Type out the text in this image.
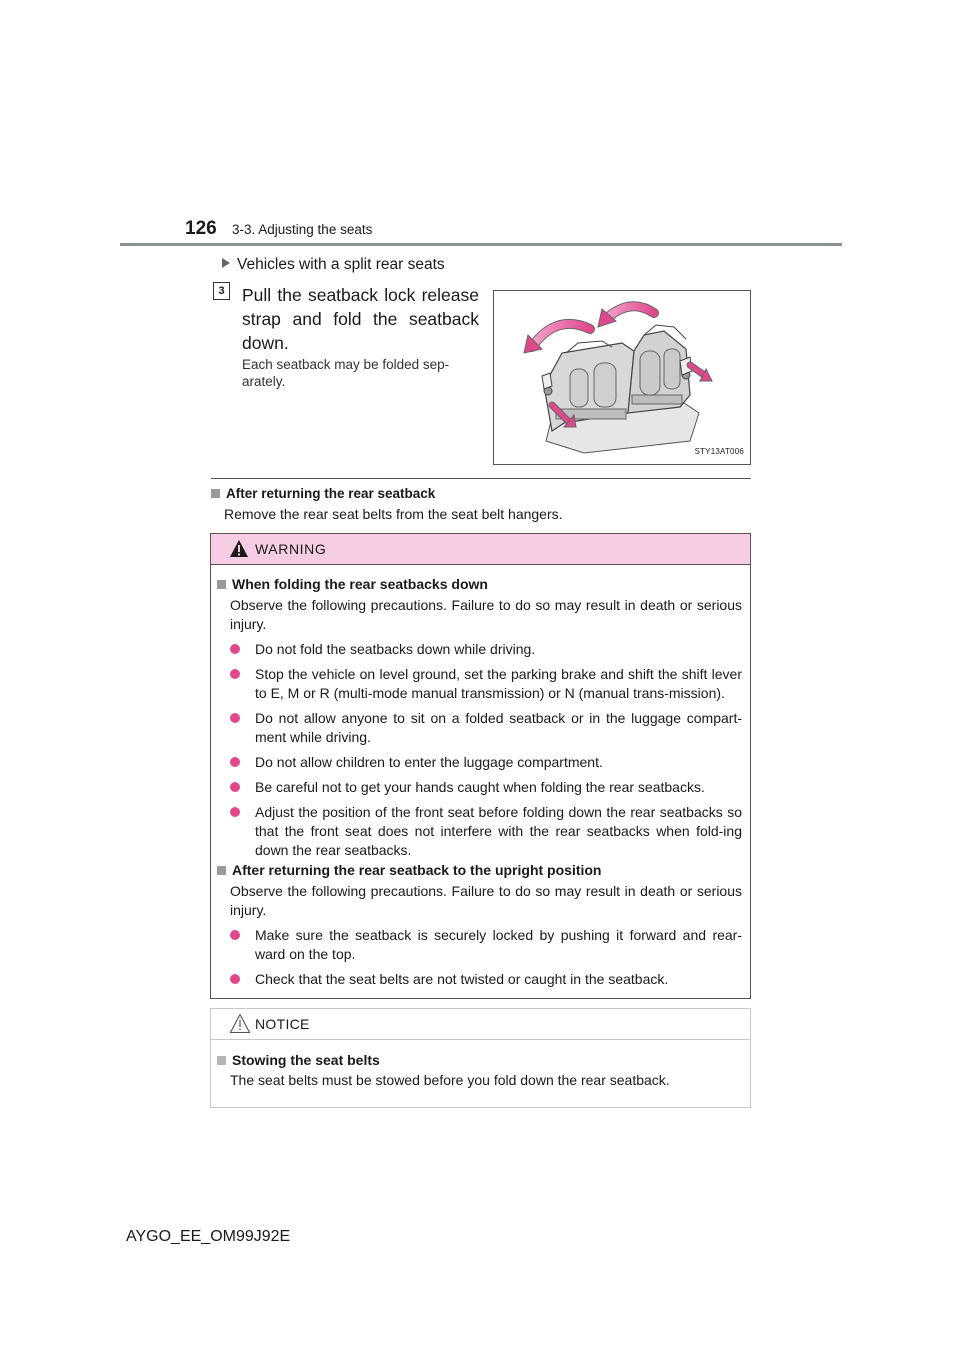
126 3-3. Adjusting the seats
Vehicles with a split rear seats
3 Pull the seatback lock release strap and fold the seatback down.
Each seatback may be folded sep-arately.
STY13AT006
After returning the rear seatback
Remove the rear seat belts from the seat belt hangers.
WARNING
When folding the rear seatbacks down
Observe the following precautions. Failure to do so may result in death or serious injury.
Do not fold the seatbacks down while driving.
Stop the vehicle on level ground, set the parking brake and shift the shift lever to E, M or R (multi-mode manual transmission) or N (manual trans-mission).
Do not allow anyone to sit on a folded seatback or in the luggage compart-ment while driving.
Do not allow children to enter the luggage compartment.
Be careful not to get your hands caught when folding the rear seatbacks.
Adjust the position of the front seat before folding down the rear seatbacks so that the front seat does not interfere with the rear seatbacks when fold-ing down the rear seatbacks.
After returning the rear seatback to the upright position
Observe the following precautions. Failure to do so may result in death or serious injury.
Make sure the seatback is securely locked by pushing it forward and rear-ward on the top.
Check that the seat belts are not twisted or caught in the seatback.
NOTICE
Stowing the seat belts
The seat belts must be stowed before you fold down the rear seatback.
AYGO_EE_OM99J92E
